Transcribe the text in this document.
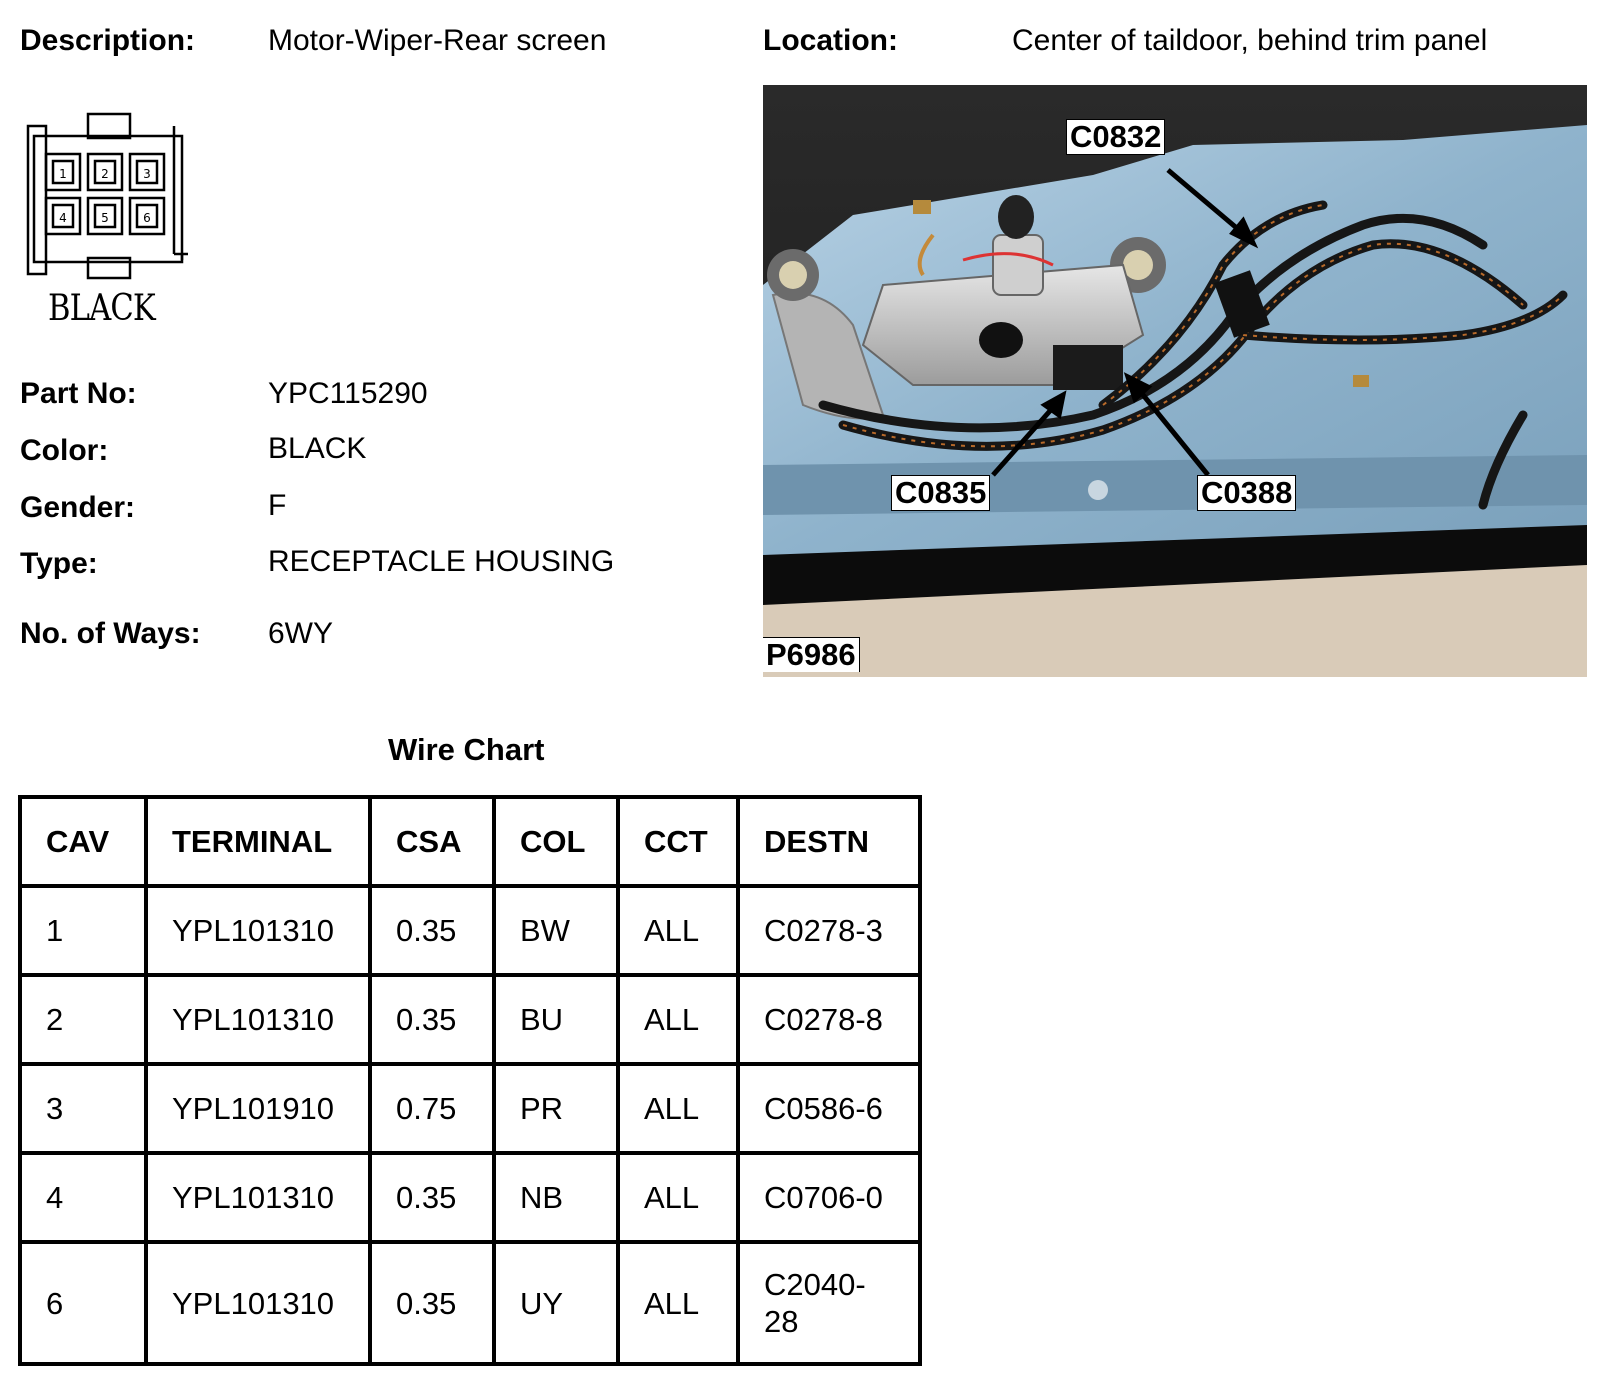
Description: Motor-Wiper-Rear screen	Location:	Center of taildoor, behind trim panel
1	2	3
4	5	6
BLACK
Part No:	YPC115290
Color:	BLACK
Gender:	F
Type:	RECEPTACLE HOUSING
No. of Ways: 6WY
C0832
C0835	C0388
P6986
Wire Chart
CAV	TERMINAL	CSA	COL	CCT	DESTN
1	YPL101310	0.35	BW	ALL	C0278-3
2	YPL101310	0.35	BU	ALL	C0278-8
3	YPL101910	0.75	PR	ALL	C0586-6
4	YPL101310	0.35	NB	ALL	C0706-0
6	YPL101310	0.35	UY	ALL	C2040-
28
